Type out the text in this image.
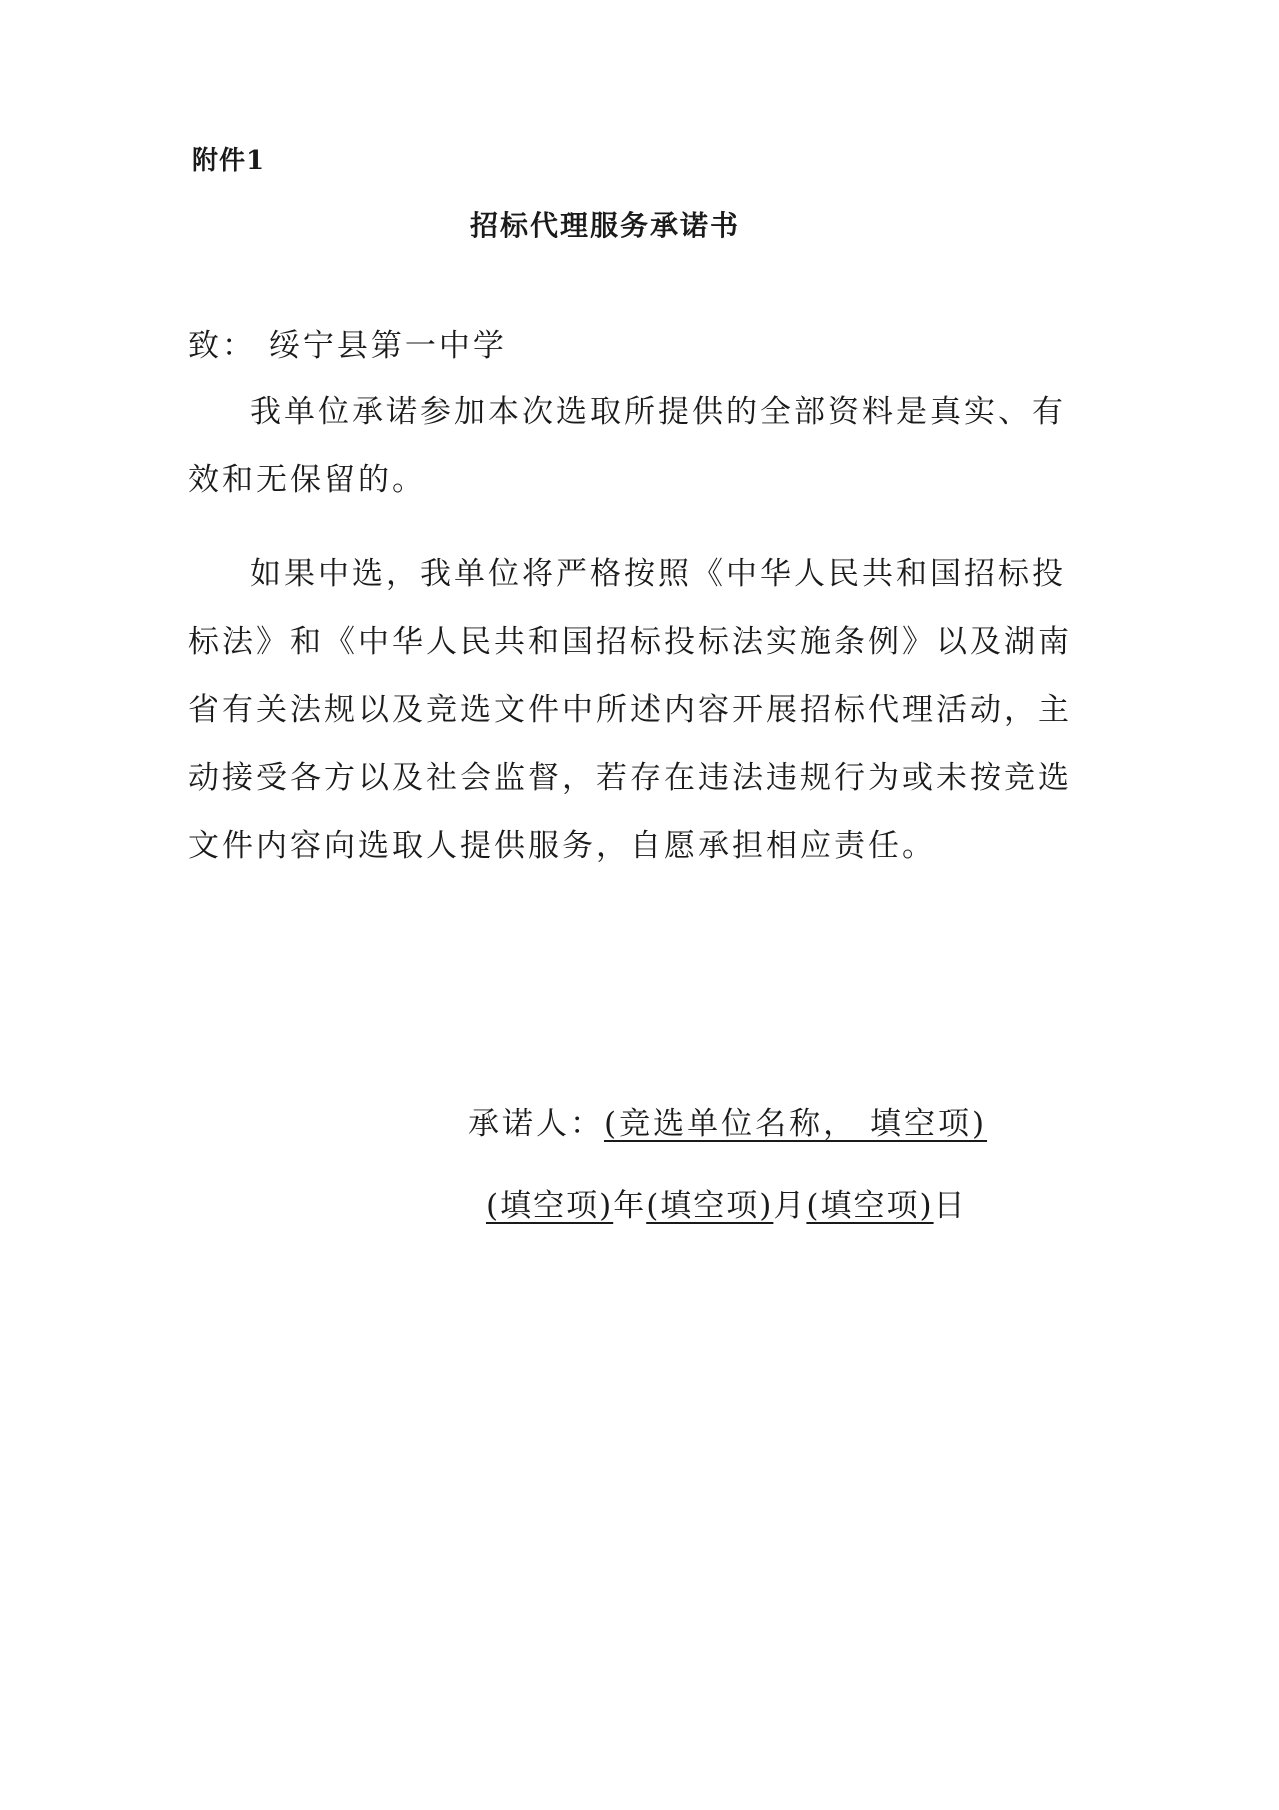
附件1
招标代理服务承诺书
致： 绥宁县第一中学
我单位承诺参加本次选取所提供的全部资料是真实、有效和无保留的。
如果中选，我单位将严格按照《中华人民共和国招标投标法》和《中华人民共和国招标投标法实施条例》以及湖南省有关法规以及竞选文件中所述内容开展招标代理活动，主动接受各方以及社会监督，若存在违法违规行为或未按竞选文件内容向选取人提供服务，自愿承担相应责任。
承诺人：(竞选单位名称， 填空项)
(填空项)年(填空项)月(填空项)日
